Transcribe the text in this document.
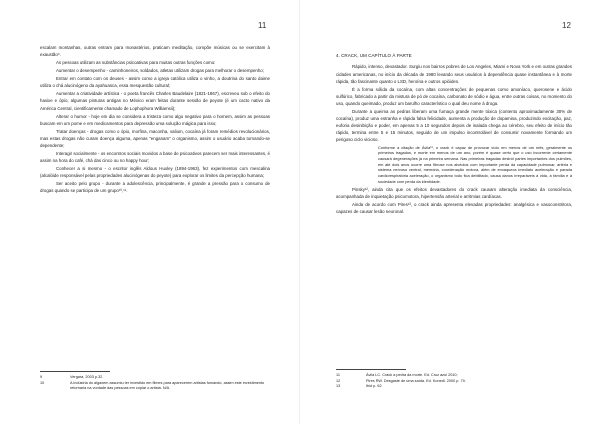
11

escalam montanhas, outras entram para monastérios, praticam meditação, compõe músicas ou se exercitam à exaustão⁹.

As pessoas utilizam as substâncias psicoativas para muitas outras funções como:

Aumentar o desempenho - caminhoneiros, soldados, atletas utilizam drogas para melhorar o desempenho;

Entrar em contato com os deuses - assim como a igreja católica utiliza o vinho, a doutrina do santo daime utiliza o chá alucinógeno da ayahuasca, essa mesquestão cultural;

Aumentar a criatividade artística - o poeta francês Charles Baudelaire (1821-1867), escreveu sob o efeito do haxixe e ópio, algumas pinturas antigas no México eram feitas durante sessão de peyote (é um cacto nativo da América Central, cientificamente chamado de Lophophora Williamsii);

Alterar o humor - hoje em dia se considera a tristeza como algo negativo para o homem, assim as pessoas buscam em um pome e em medicamentos para depressão uma solução mágica para isso;

Tratar doenças - drogas como o ópio, morfina, maconha, valium, cocaína já foram remédios revolucionários, mas estas drogas não curam doença alguma, apenas "enganam" o organismo, assim o usuário acaba tornando-se dependente;

Interagir socialmente - os encontros sociais movidos a base de psicoativos parecem ser mais interessantes, é assim na hora do café, chá das cinco ou no happy hour;

Conhecer a si mesmo - o escritor inglês Aldous Huxley (1894-1963), fez experimentos com mescalina (alcalóide responsável pelas propriedades alucinógenas do peyote) para explorar os limites da percepção humana;

Ser aceito pelo grupo - durante a adolescência, principalmente, é grande a pressão para o consumo de drogas quando se participa de um grupo¹⁰,¹¹.

9	Vergara, 2003 p.32
10	A indústria do algaxem assumiu ter investido em filmes para aparecerem artistas fumando, assim este investimento retornaria na vontade das pessoas em copiar o artista. N/A.
12

4. CRACK, UM CAPÍTULO À PARTE

Rápido, intenso, devastador. Surgiu nos bairros pobres de Los Angeles, Miami e Nova York e em outras grandes cidades americanas, no início da década de 1980 levando seus usuários à dependência quase instantânea e à morte rápida, tão fascinante quanto o LSD, heroína e outros opióides.

É a forma sólida da cocaína, com altas concentrações de pequenas como amoníaco, querosene e ácido sulfúrico, fabricado a partir da mistura de pó de cocaína, carbonato de sódio e água, entre outras coisas, no momento do uso, quando queimado, produz um barulho característico o qual deu nome à droga.

Durante a queima as pedras liberam uma fumaça grande mente tóxica (contento aproximadamente 30% de cocaína), produz uma estranha e rápida falsa felicidade, aumenta a produção de dopamina, produzindo excitação, paz, euforia desinibição e poder, em apenas 5 a 10 segundos depois de inalada chega ao cérebro, seu efeito de início tão rápido, termina entre 5 e 15 minutos, seguido de um impulso incontrolável de consumir novamente formando um perigoso ciclo vicioso.

Conforme a citação de Ávila¹¹, o crack é capaz de provocar vício em menos de um mês, geralmente os primeiros tragados, e morte em menos de um ano, porém é quase certo que o uso incorrente certamente causará degenerações já na primeira semana. Nas primeiras tragadas destrói partes importantes dos pulmões, em até dois anos ocorre uma fibrose nos alvéolos com importante perda da capacidade pulmonar, artéria e sistema nervoso central, memória, coordenação motora, além de enxaqueca imediato aceleração e parada cardiorespiratória aceleração, o organismo todo fica debilitado, causa danos irreparáveis à vida, à família e à sociedade com perda da identidade.

Pinsky¹², ainda cita que os efeitos devastadores do crack causam alteração imediata da consciência, acompanhada de inquietação psicomotora, hipertensão arterial e arritmias cardíacas.

Ainda de acordo com Pires¹³, o crack ainda apresenta elevadas propriedades: analgésica e vasoconstritora, capazes de causar lesão neuronal.

11	Ávila LC. Crack a pedra da morte. Ed. Cruz azul 2010;
12	Pires RW. Desgaste de uma saída. Ed. Konedi. 2000 p. 79.
13	Ibid p. 62
